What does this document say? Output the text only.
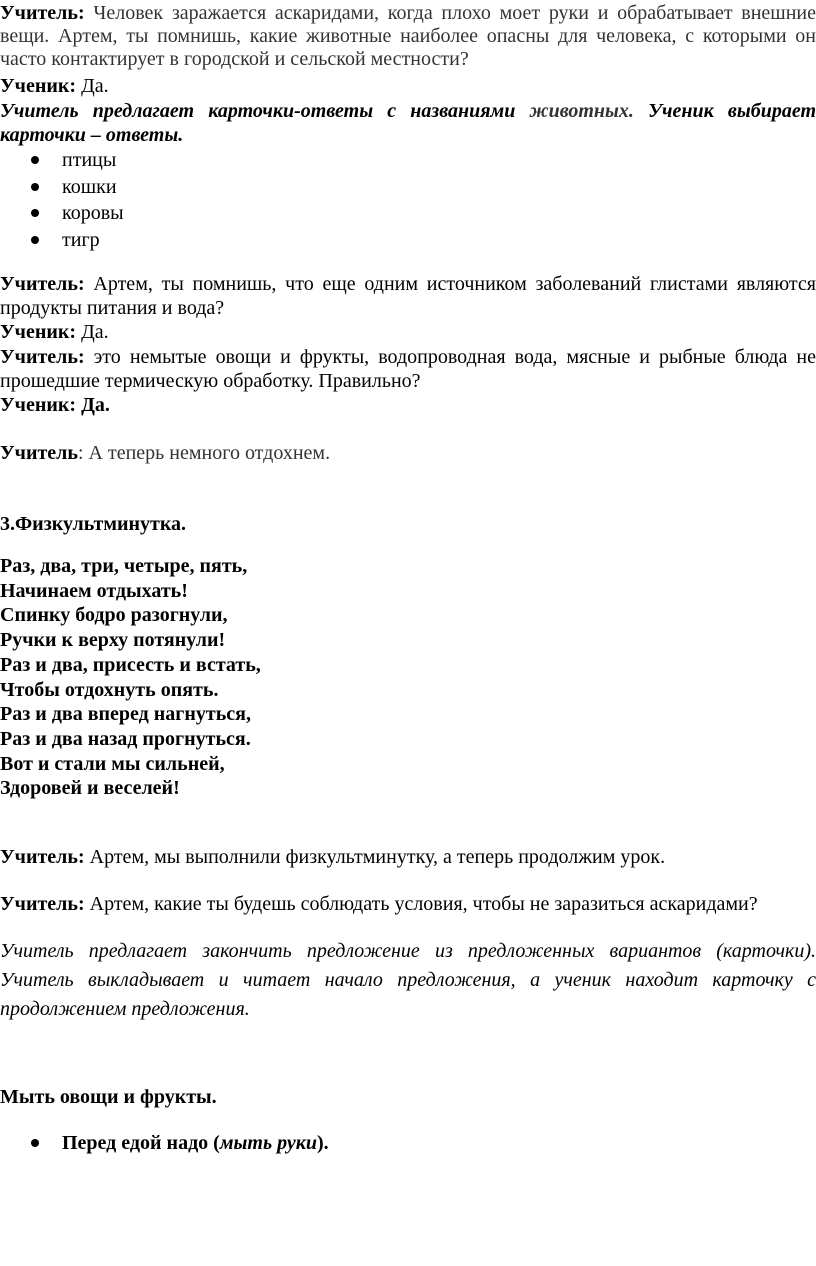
Учитель: Человек заражается аскаридами, когда плохо моет руки и обрабатывает внешние вещи. Артем, ты помнишь, какие животные наиболее опасны для человека, с которыми он часто контактирует в городской и сельской местности?
Ученик: Да.
Учитель предлагает карточки-ответы с названиями животных. Ученик выбирает карточки – ответы.
птицы
кошки
коровы
тигр
Учитель: Артем, ты помнишь, что еще одним источником заболеваний глистами являются продукты питания и вода?
Ученик: Да.
Учитель: это немытые овощи и фрукты, водопроводная вода, мясные и рыбные блюда не прошедшие термическую обработку. Правильно?
Ученик: Да.
Учитель: А теперь немного отдохнем.
3.Физкультминутка.
Раз, два, три, четыре, пять,
Начинаем отдыхать!
Спинку бодро разогнули,
Ручки к верху потянули!
Раз и два, присесть и встать,
Чтобы отдохнуть опять.
Раз и два вперед нагнуться,
Раз и два назад прогнуться.
Вот и стали мы сильней,
Здоровей и веселей!
Учитель: Артем, мы выполнили физкультминутку, а теперь продолжим урок.
Учитель: Артем, какие ты будешь соблюдать условия, чтобы не заразиться аскаридами?
Учитель предлагает закончить предложение из предложенных вариантов (карточки). Учитель выкладывает и читает начало предложения, а ученик находит карточку с продолжением предложения.
Мыть овощи и фрукты.
Перед едой надо (мыть руки).
